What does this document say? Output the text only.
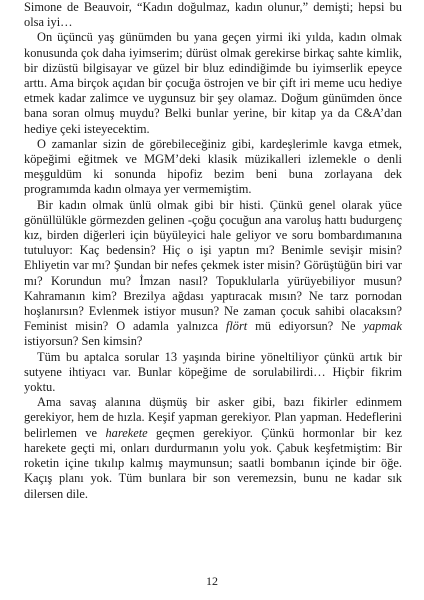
Simone de Beauvoir, “Kadın doğulmaz, kadın olunur,” demişti; hepsi bu olsa iyi…

On üçüncü yaş günümden bu yana geçen yirmi iki yılda, kadın olmak konusunda çok daha iyimserim; dürüst olmak gerekirse birkaç sahte kimlik, bir dizüstü bilgisayar ve güzel bir bluz edindiğimde bu iyimserlik epeyce arttı. Ama birçok açıdan bir çocuğa östrojen ve bir çift iri meme ucu hediye etmek kadar zalimce ve uygunsuz bir şey olamaz. Doğum günümden önce bana soran olmuş muydu? Belki bunlar yerine, bir kitap ya da C&A’dan hediye çeki isteyecektim.

O zamanlar sizin de görebileceğiniz gibi, kardeşlerimle kavga etmek, köpeğimi eğitmek ve MGM’deki klasik müzikalleri izlemekle o denli meşguldüm ki sonunda hipofiz bezim beni buna zorlayana dek programımda kadın olmaya yer vermemiştim.

Bir kadın olmak ünlü olmak gibi bir histi. Çünkü genel olarak yüce gönüllülükle görmezden gelinen -çoğu çocuğun ana varoluş hattı budurgenç kız, birden diğerleri için büyüleyici hale geliyor ve soru bombardımanına tutuluyor: Kaç bedensin? Hiç o işi yaptın mı? Benimle sevişir misin? Ehliyetin var mı? Şundan bir nefes çekmek ister misin? Görüştüğün biri var mı? Korundun mu? İmzan nasıl? Topuklularla yürüyebiliyor musun? Kahramanın kim? Brezilya ağdası yaptıracak mısın? Ne tarz pornodan hoşlanırsın? Evlenmek istiyor musun? Ne zaman çocuk sahibi olacaksın? Feminist misin? O adamla yalnızca flört mü ediyorsun? Ne yapmak istiyorsun? Sen kimsin?

Tüm bu aptalca sorular 13 yaşında birine yöneltiliyor çünkü artık bir sutyene ihtiyacı var. Bunlar köpeğime de sorulabilirdi… Hiçbir fikrim yoktu.

Ama savaş alanına düşmüş bir asker gibi, bazı fikirler edinmem gerekiyor, hem de hızla. Keşif yapman gerekiyor. Plan yapman. Hedeflerini belirlemen ve harekete geçmen gerekiyor. Çünkü hormonlar bir kez harekete geçti mi, onları durdurmanın yolu yok. Çabuk keşfetmiştim: Bir roketin içine tıkılıp kalmış maymunsun; saatli bombanın içinde bir öğe. Kaçış planı yok. Tüm bunlara bir son veremezsin, bunu ne kadar sık dilersen dile.

12
